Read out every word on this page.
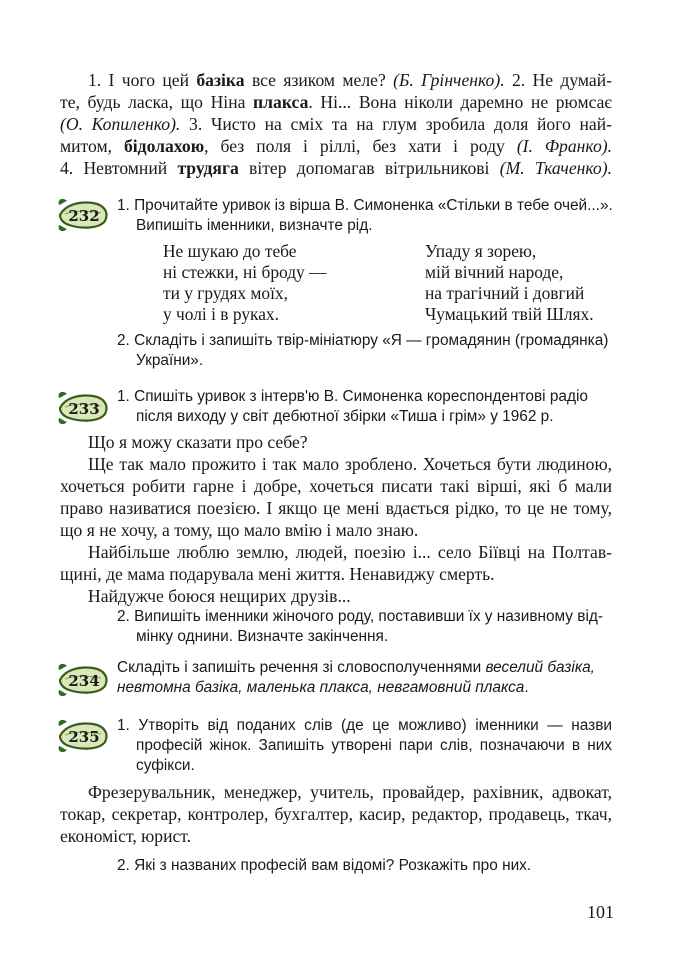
1. І чого цей базіка все язиком меле? (Б. Грінченко). 2. Не думай-
те, будь ласка, що Ніна плакса. Ні... Вона ніколи даремно не рюмсає
(О. Копиленко). 3. Чисто на сміх та на глум зробила доля його най-
митом, бідолахою, без поля і ріллі, без хати і роду (І. Франко).
4. Невтомний трудяга вітер допомагав вітрильникові (М. Ткаченко).
232
1. Прочитайте уривок із вірша В. Симоненка «Стільки в тебе очей...».
Випишіть іменники, визначте рід.
Не шукаю до тебе
ні стежки, ні броду —
ти у грудях моїх,
у чолі і в руках.
Упаду я зорею,
мій вічний народе,
на трагічний і довгий
Чумацький твій Шлях.
2. Складіть і запишіть твір-мініатюру «Я — громадянин (громадянка)
України».
233
1. Спишіть уривок з інтерв'ю В. Симоненка кореспондентові радіо
після виходу у світ дебютної збірки «Тиша і грім» у 1962 р.
Що я можу сказати про себе?
Ще так мало прожито і так мало зроблено. Хочеться бути людиною,
хочеться робити гарне і добре, хочеться писати такі вірші, які б мали
право називатися поезією. І якщо це мені вдається рідко, то це не тому,
що я не хочу, а тому, що мало вмію і мало знаю.
Найбільше люблю землю, людей, поезію і... село Біївці на Полтав-
щині, де мама подарувала мені життя. Ненавиджу смерть.
Найдужче боюся нещирих друзів...
2. Випишіть іменники жіночого роду, поставивши їх у називному від-
мінку однини. Визначте закінчення.
234
Складіть і запишіть речення зі словосполученнями веселий базіка,
невтомна базіка, маленька плакса, невгамовний плакса.
235
1. Утворіть від поданих слів (де це можливо) іменники — назви
професій жінок. Запишіть утворені пари слів, позначаючи в них
суфікси.
Фрезерувальник, менеджер, учитель, провайдер, рахівник, адвокат,
токар, секретар, контролер, бухгалтер, касир, редактор, продавець, ткач,
економіст, юрист.
2. Які з названих професій вам відомі? Розкажіть про них.
101
